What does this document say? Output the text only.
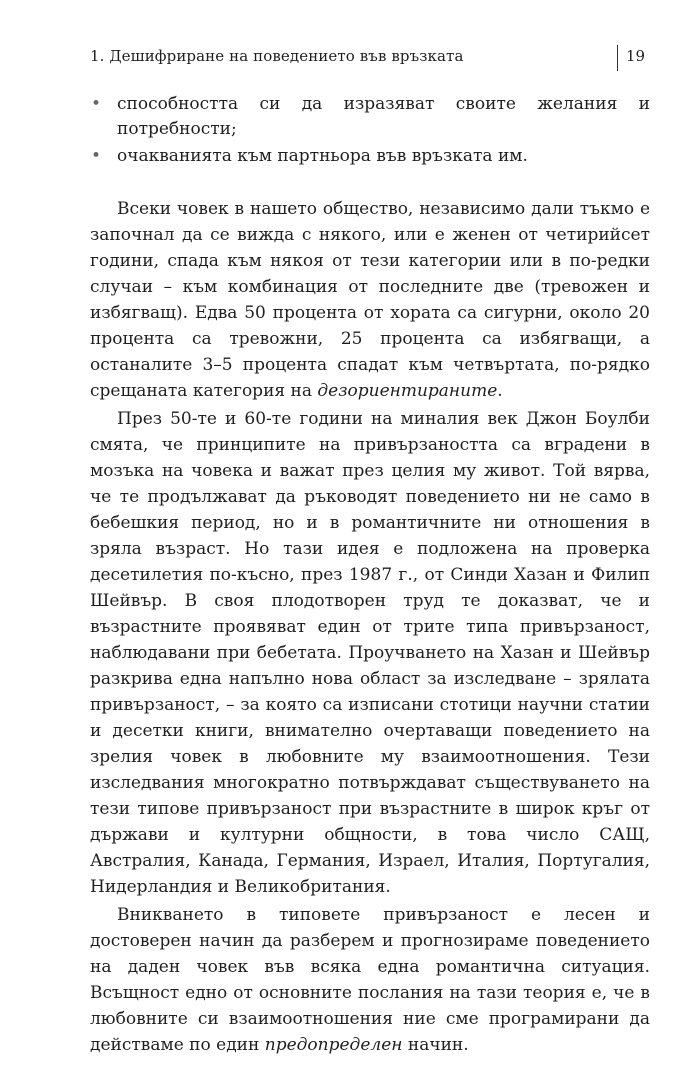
1. Дешифриране на поведението във връзката	19
• способността си да изразяват своите желания и потребности;
• очакванията към партньора във връзката им.

Всеки човек в нашето общество, независимо дали тъкмо е започнал да се вижда с някого, или е женен от четирийсет години, спада към някоя от тези категории или в по-редки случаи – към комбинация от последните две (тревожен и избягващ). Едва 50 процента от хората са сигурни, около 20 процента са тревожни, 25 процента са избягващи, а останалите 3–5 процента спадат към четвъртата, по-рядко срещаната категория на дезориентираните.

През 50-те и 60-те години на миналия век Джон Боулби смята, че принципите на привързаността са вградени в мозъка на човека и важат през целия му живот. Той вярва, че те продължават да ръководят поведението ни не само в бебешкия период, но и в романтичните ни отношения в зряла възраст. Но тази идея е подложена на проверка десетилетия по-късно, през 1987 г., от Синди Хазан и Филип Шейвър. В своя плодотворен труд те доказват, че и възрастните проявяват един от трите типа привързаност, наблюдавани при бебетата. Проучването на Хазан и Шейвър разкрива една напълно нова област за изследване – зрялата привързаност, – за която са изписани стотици научни статии и десетки книги, внимателно очертаващи поведението на зрелия човек в любовните му взаимоотношения. Тези изследвания многократно потвърждават съществуването на тези типове привързаност при възрастните в широк кръг от държави и културни общности, в това число САЩ, Австралия, Канада, Германия, Израел, Италия, Португалия, Нидерландия и Великобритания.

Вникването в типовете привързаност е лесен и достоверен начин да разберем и прогнозираме поведението на даден човек във всяка една романтична ситуация. Всъщност едно от основните послания на тази теория е, че в любовните си взаимоотношения ние сме програмирани да действаме по един предопределен начин.
